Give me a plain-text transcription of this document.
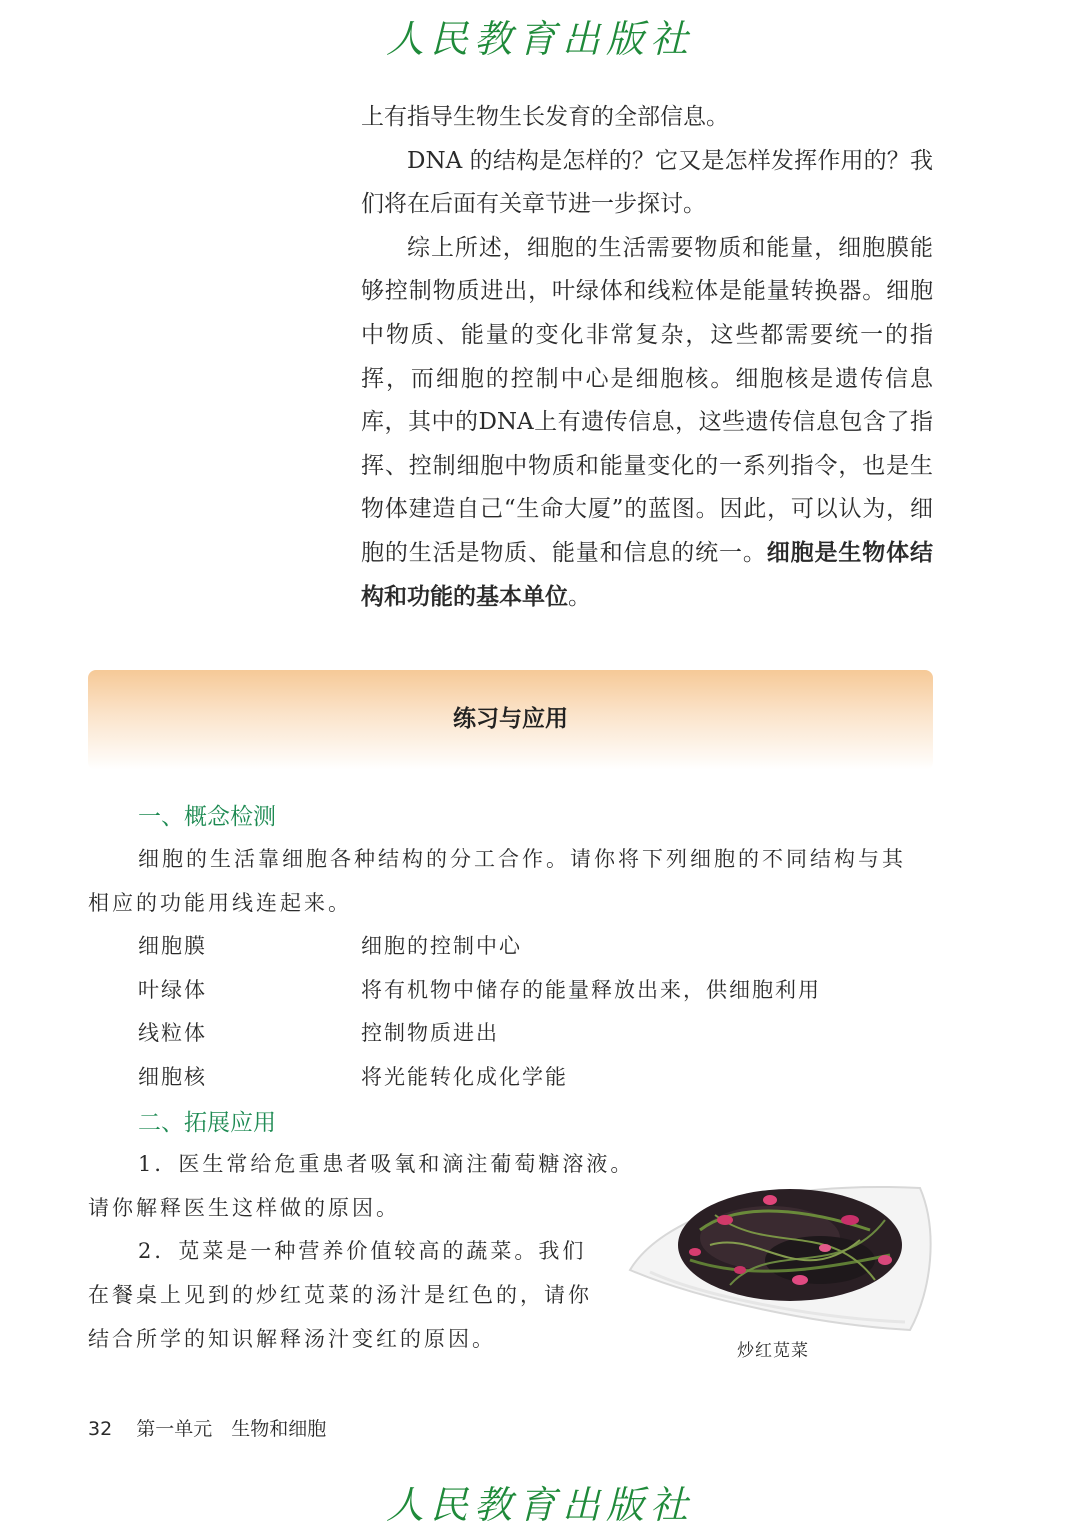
人民教育出版社

上有指导生物生长发育的全部信息。

DNA 的结构是怎样的？它又是怎样发挥作用的？我们将在后面有关章节进一步探讨。

综上所述，细胞的生活需要物质和能量，细胞膜能够控制物质进出，叶绿体和线粒体是能量转换器。细胞中物质、能量的变化非常复杂，这些都需要统一的指挥，而细胞的控制中心是细胞核。细胞核是遗传信息库，其中的DNA上有遗传信息，这些遗传信息包含了指挥、控制细胞中物质和能量变化的一系列指令，也是生物体建造自己“生命大厦”的蓝图。因此，可以认为，细胞的生活是物质、能量和信息的统一。细胞是生物体结构和功能的基本单位。

练习与应用
一、概念检测
细胞的生活靠细胞各种结构的分工合作。请你将下列细胞的不同结构与其
相应的功能用线连起来。
细胞膜
叶绿体
线粒体
细胞核
细胞的控制中心
将有机物中储存的能量释放出来，供细胞利用
控制物质进出
将光能转化成化学能
二、拓展应用
1．医生常给危重患者吸氧和滴注葡萄糖溶液。
请你解释医生这样做的原因。
2．苋菜是一种营养价值较高的蔬菜。我们
在餐桌上见到的炒红苋菜的汤汁是红色的，请你
结合所学的知识解释汤汁变红的原因。	炒红苋菜
32 第一单元　生物和细胞
人民教育出版社
